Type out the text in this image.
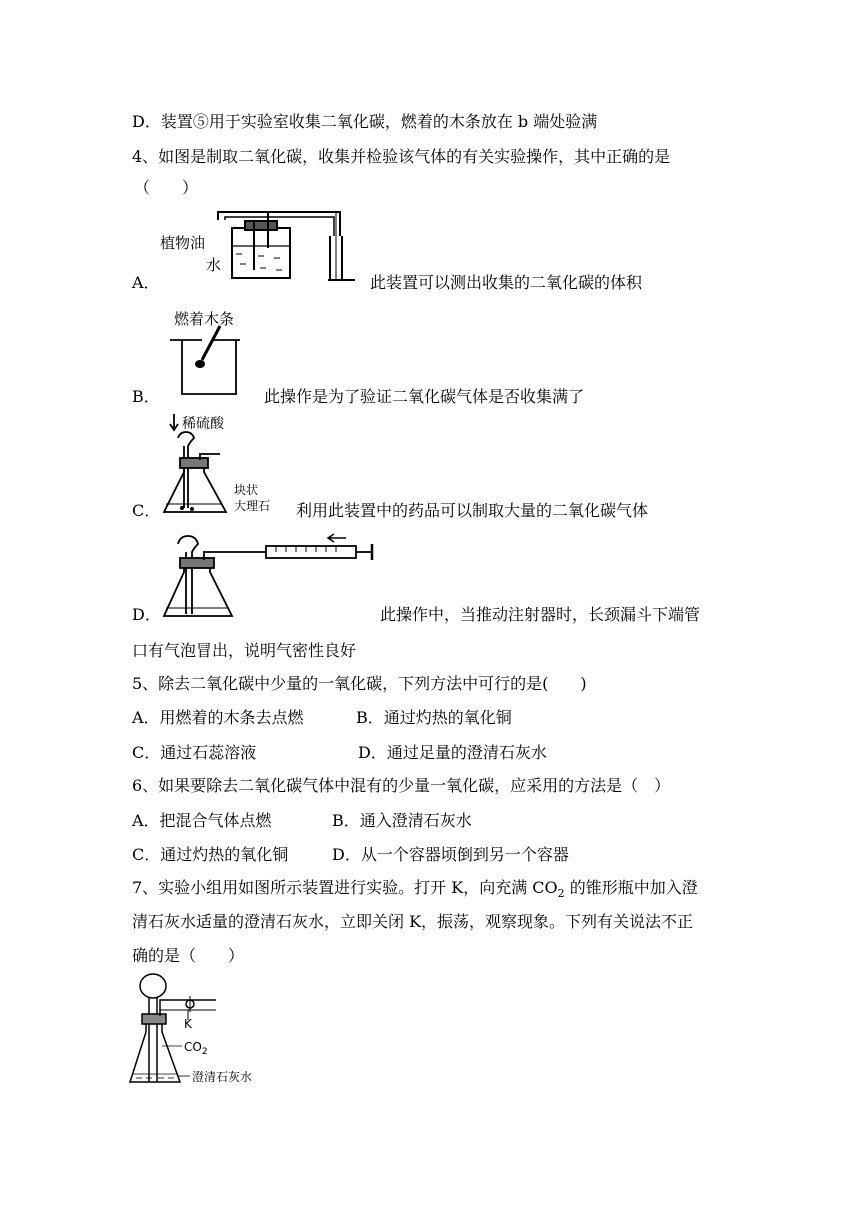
D．装置⑤用于实验室收集二氧化碳，燃着的木条放在 b 端处验满
4、如图是制取二氧化碳，收集并检验该气体的有关实验操作，其中正确的是
（　　）
植物油
水
A．	此装置可以测出收集的二氧化碳的体积
燃着木条
B．	此操作是为了验证二氧化碳气体是否收集满了
稀硫酸
块状
大理石
C．	利用此装置中的药品可以制取大量的二氧化碳气体
D．	此操作中，当推动注射器时，长颈漏斗下端管
口有气泡冒出，说明气密性良好
5、除去二氧化碳中少量的一氧化碳，下列方法中可行的是(　　)
A．用燃着的木条去点燃	B．通过灼热的氧化铜
C．通过石蕊溶液	D．通过足量的澄清石灰水
6、如果要除去二氧化碳气体中混有的少量一氧化碳，应采用的方法是（　）
A．把混合气体点燃	B．通入澄清石灰水
C．通过灼热的氧化铜	D．从一个容器顷倒到另一个容器
7、实验小组用如图所示装置进行实验。打开 K，向充满 $CO_2$ 的锥形瓶中加入澄
清石灰水适量的澄清石灰水，立即关闭 K，振荡，观察现象。下列有关说法不正
确的是（　　）
K
$CO_2$
澄清石灰水
